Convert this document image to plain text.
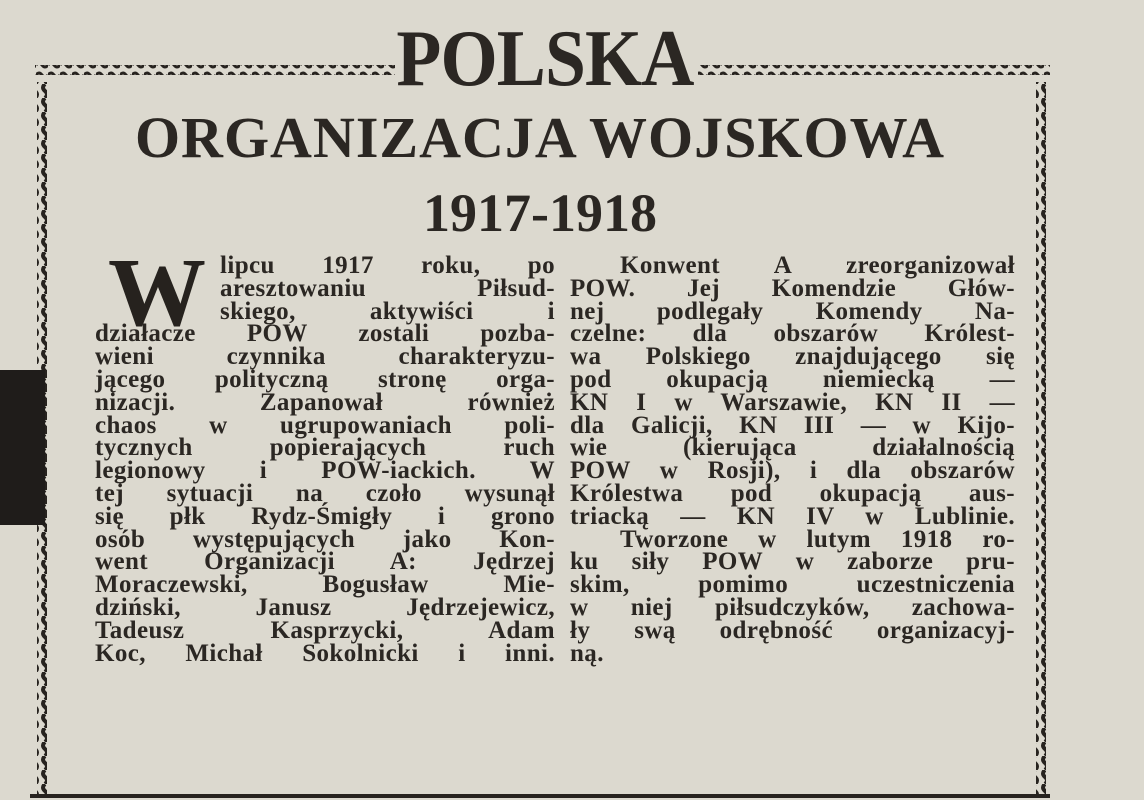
POLSKA
ORGANIZACJA WOJSKOWA
1917-1918
W lipcu 1917 roku, po
aresztowaniu Piłsud-
skiego, aktywiści i
działacze POW zostali pozba-
wieni czynnika charakteryzu-
jącego polityczną stronę orga-
nizacji. Zapanował również
chaos w ugrupowaniach poli-
tycznych popierających ruch
legionowy i POW-iackich. W
tej sytuacji na czoło wysunął
się płk Rydz-Śmigły i grono
osób występujących jako Kon-
went Organizacji A: Jędrzej
Moraczewski, Bogusław Mie-
dziński, Janusz Jędrzejewicz,
Tadeusz Kasprzycki, Adam
Koc, Michał Sokolnicki i inni.
Konwent A zreorganizował
POW. Jej Komendzie Głów-
nej podlegały Komendy Na-
czelne: dla obszarów Królest-
wa Polskiego znajdującego się
pod okupacją niemiecką —
KN I w Warszawie, KN II —
dla Galicji, KN III — w Kijo-
wie (kierująca działalnością
POW w Rosji), i dla obszarów
Królestwa pod okupacją aus-
triacką — KN IV w Lublinie.
Tworzone w lutym 1918 ro-
ku siły POW w zaborze pru-
skim, pomimo uczestniczenia
w niej piłsudczyków, zachowa-
ły swą odrębność organizacyj-
ną.
